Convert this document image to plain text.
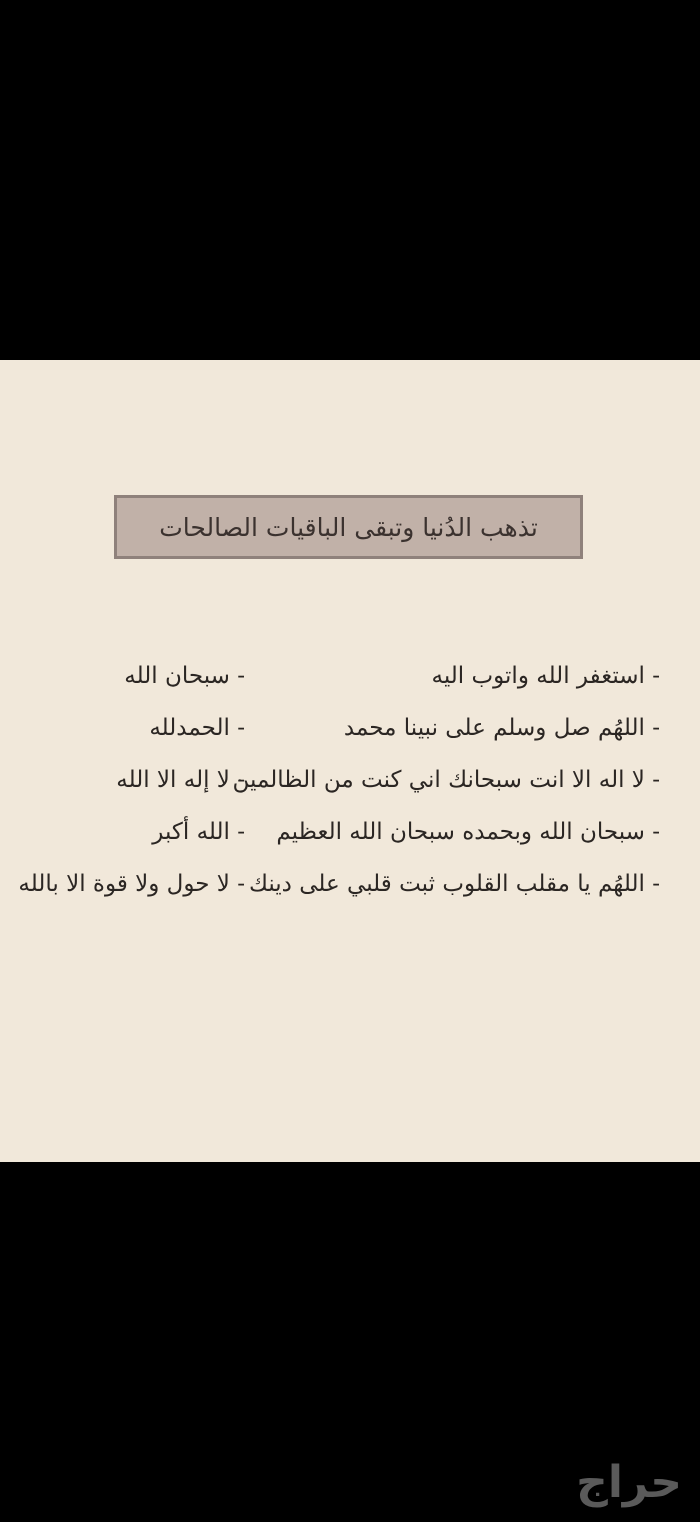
تذهب الدُنيا وتبقى الباقيات الصالحات
- استغفر الله واتوب اليه
- اللهُم صل وسلم على نبينا محمد
- لا اله الا انت سبحانك اني كنت من الظالمين
- سبحان الله وبحمده سبحان الله العظيم
- اللهُم يا مقلب القلوب ثبت قلبي على دينك
- سبحان الله
- الحمدلله
- لا إله الا الله
- الله أكبر
- لا حول ولا قوة الا بالله
حراج
